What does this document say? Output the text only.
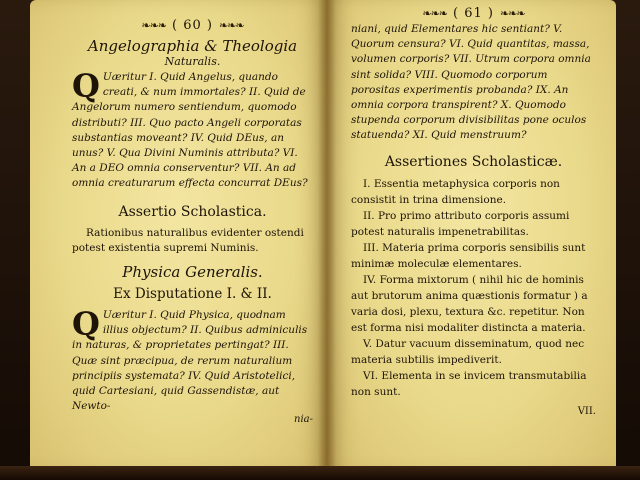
❧❧❧ ( 60 ) ❧❧❧
Angelographia & Theologia
Naturalis.

Q Uæritur I. Quid Angelus, quando creati, & num immortales? II. Quid de Angelorum numero sentiendum, quomodo distributi? III. Quo pacto Angeli corporatas substantias moveant? IV. Quid DEus, an unus? V. Qua Divini Numinis attributa? VI. An a DEO omnia conserventur? VII. An ad omnia creaturarum effecta concurrat DEus?

Assertio Scholastica.

Rationibus naturalibus evidenter ostendi potest existentia supremi Numinis.

Physica Generalis.
Ex Disputatione I. & II.

Q Uæritur I. Quid Physica, quodnam illius objectum? II. Quibus adminiculis in naturas, & proprietates pertingat? III. Quæ sint præcipua, de rerum naturalium principiis systemata? IV. Quid Aristotelici, quid Cartesiani, quid Gassendistæ, aut Newto-

nia-
❧❧❧ ( 61 ) ❧❧❧

niani, quid Elementares hic sentiant? V. Quorum censura? VI. Quid quantitas, massa, volumen corporis? VII. Utrum corpora omnia sint solida? VIII. Quomodo corporum porositas experimentis probanda? IX. An omnia corpora transpirent? X. Quomodo stupenda corporum divisibilitas pone oculos statuenda? XI. Quid menstruum?

Assertiones Scholasticæ.

I. Essentia metaphysica corporis non consistit in trina dimensione.

II. Pro primo attributo corporis assumi potest naturalis impenetrabilitas.

III. Materia prima corporis sensibilis sunt minimæ moleculæ elementares.

IV. Forma mixtorum ( nihil hic de hominis aut brutorum anima quæstionis formatur ) a varia dosi, plexu, textura &c. repetitur. Non est forma nisi modaliter distincta a materia.

V. Datur vacuum disseminatum, quod nec materia subtilis impediverit.

VI. Elementa in se invicem transmutabilia non sunt.

VII.
